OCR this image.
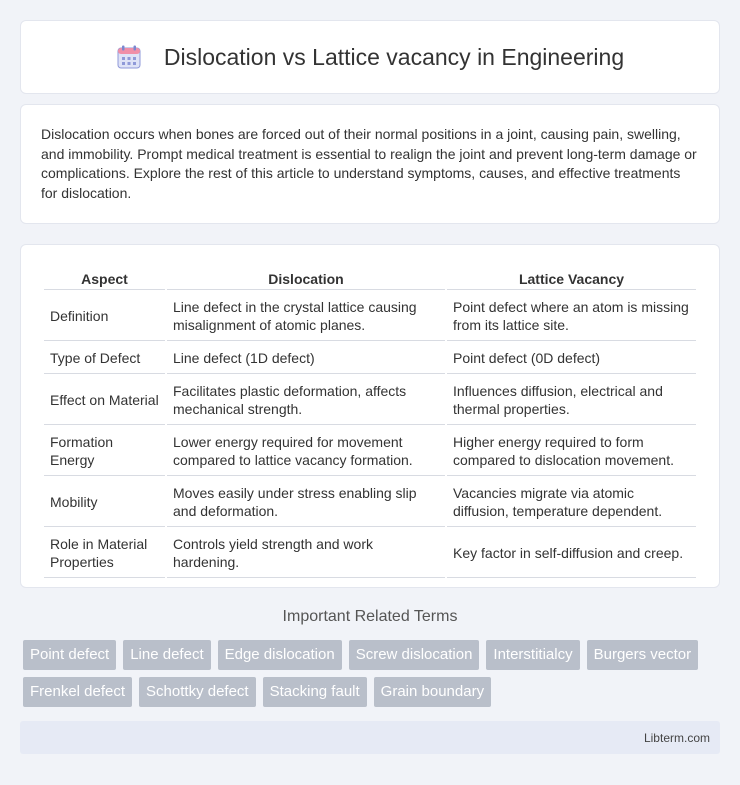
Dislocation vs Lattice vacancy in Engineering

Dislocation occurs when bones are forced out of their normal positions in a joint, causing pain, swelling, and immobility. Prompt medical treatment is essential to realign the joint and prevent long-term damage or complications. Explore the rest of this article to understand symptoms, causes, and effective treatments for dislocation.

Aspect	Dislocation	Lattice Vacancy
Definition	Line defect in the crystal lattice causing misalignment of atomic planes.	Point defect where an atom is missing from its lattice site.
Type of Defect	Line defect (1D defect)	Point defect (0D defect)
Effect on Material	Facilitates plastic deformation, affects mechanical strength.	Influences diffusion, electrical and thermal properties.
Formation Energy	Lower energy required for movement compared to lattice vacancy formation.	Higher energy required to form compared to dislocation movement.
Mobility	Moves easily under stress enabling slip and deformation.	Vacancies migrate via atomic diffusion, temperature dependent.
Role in Material Properties	Controls yield strength and work hardening.	Key factor in self-diffusion and creep.
Important Related Terms
Point defect	Line defect	Edge dislocation	Screw dislocation	Interstitialcy	Burgers vector
Frenkel defect	Schottky defect	Stacking fault	Grain boundary
Libterm.com
